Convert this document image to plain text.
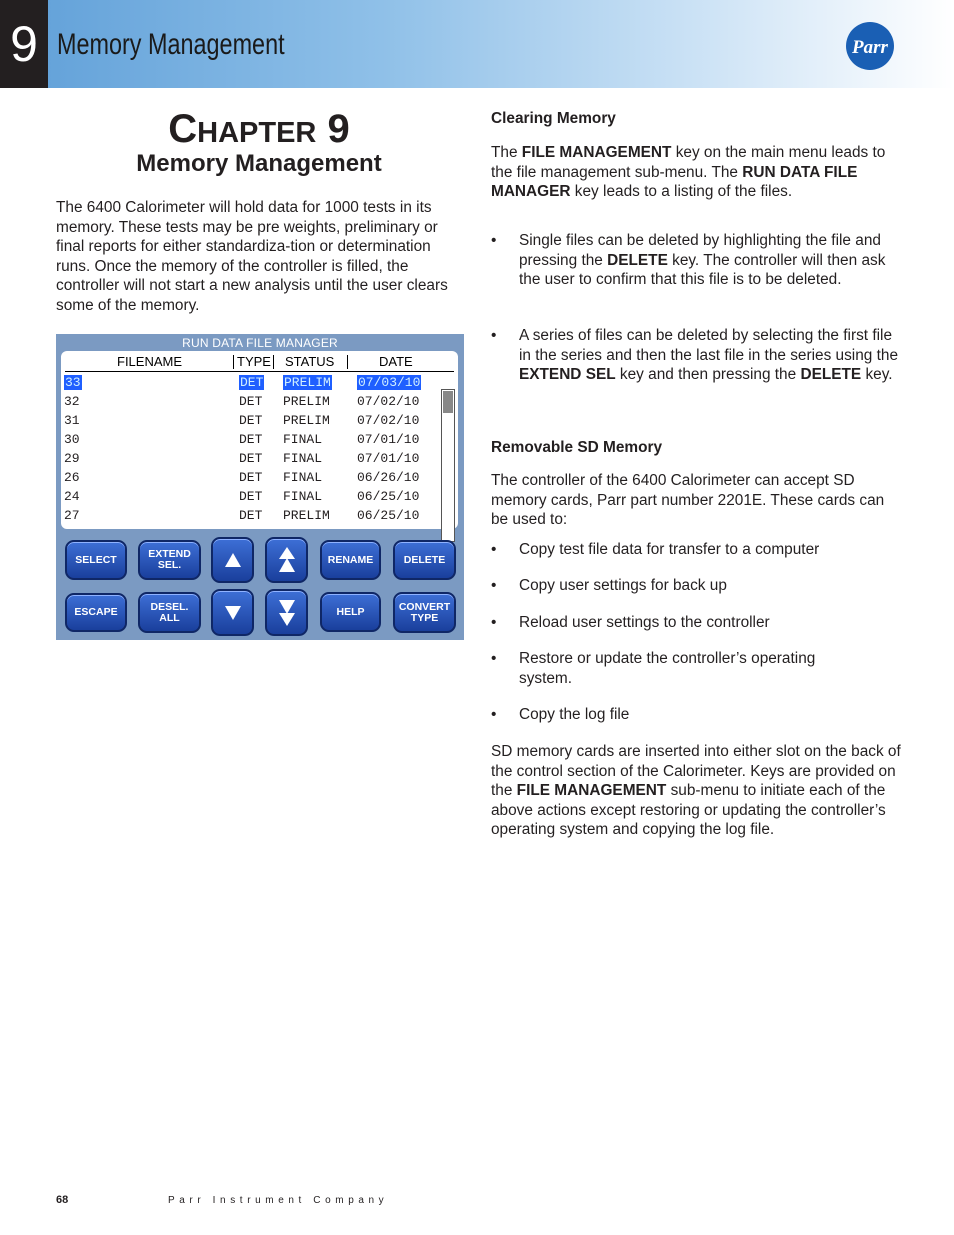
9 Memory Management	Parr
CHAPTER 9
Memory Management
The 6400 Calorimeter will hold data for 1000 tests in its memory. These tests may be pre weights, preliminary or final reports for either standardiza-tion or determination runs. Once the memory of the controller is filled, the controller will not start a new analysis until the user clears some of the memory.
RUN DATA FILE MANAGER
FILENAME	TYPE STATUS	DATE
33	DET PRELIM 07/03/10
32	DET PRELIM 07/02/10
31	DET PRELIM 07/02/10
30	DET FINAL	07/01/10
29	DET FINAL	07/01/10
26	DET FINAL	06/26/10
24	DET FINAL	06/25/10
27	DET PRELIM 06/25/10
SELECT	EXTEND
SEL.	RENAME	DELETE
ESCAPE	DESEL.
ALL	HELP	CONVERT
TYPE
Clearing Memory
The FILE MANAGEMENT key on the main menu leads to the file management sub-menu. The RUN DATA FILE MANAGER key leads to a listing of the files.
• Single files can be deleted by highlighting the file and pressing the DELETE key. The controller will then ask the user to confirm that this file is to be deleted.
• A series of files can be deleted by selecting the first file in the series and then the last file in the series using the EXTEND SEL key and then pressing the DELETE key.
Removable SD Memory
The controller of the 6400 Calorimeter can accept SD memory cards, Parr part number 2201E. These cards can be used to:
• Copy test file data for transfer to a computer
• Copy user settings for back up
• Reload user settings to the controller
• Restore or update the controller’s operating system.
• Copy the log file
SD memory cards are inserted into either slot on the back of the control section of the Calorimeter. Keys are provided on the FILE MANAGEMENT sub-menu to initiate each of the above actions except restoring or updating the controller’s operating system and copying the log file.
68	Parr Instrument Company
